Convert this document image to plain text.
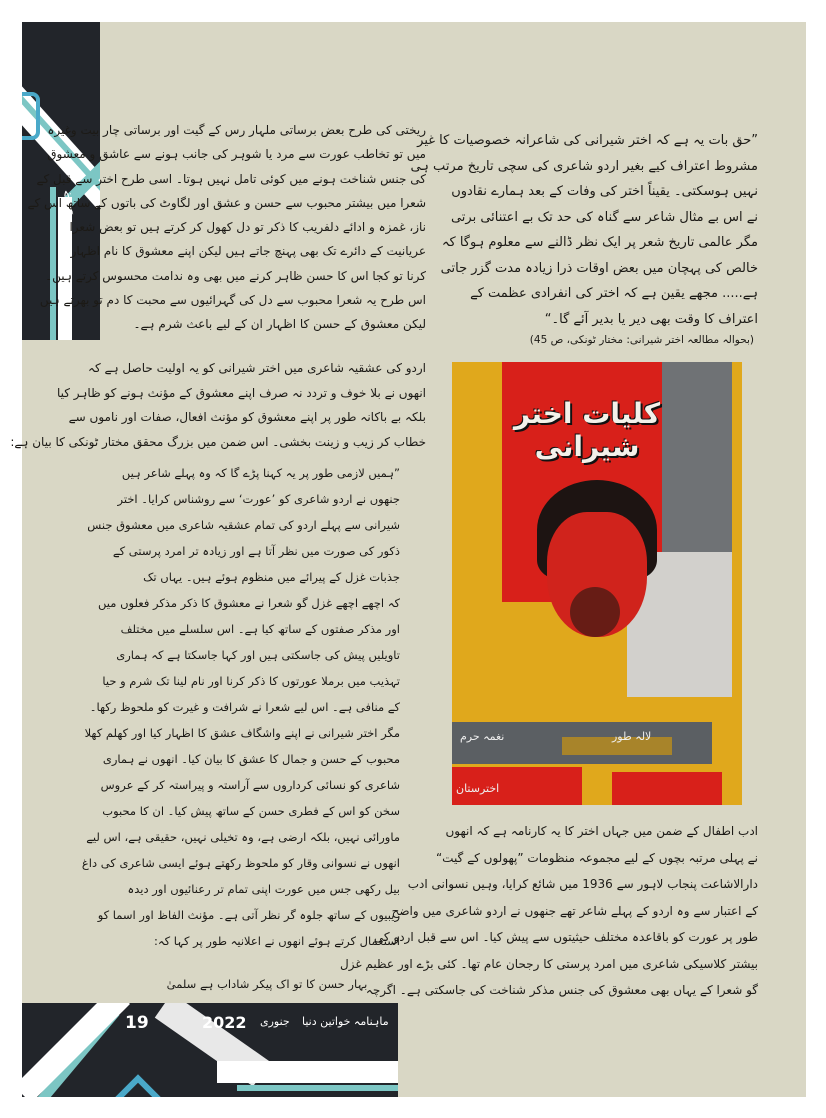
جہانِ نسواں
”حق بات یہ ہے کہ اختر شیرانی کی شاعرانہ خصوصیات کا غیر
مشروط اعتراف کیے بغیر اردو شاعری کی سچی تاریخ مرتب ہی
نہیں ہوسکتی۔ یقیناً اختر کی وفات کے بعد ہمارے نقادوں
نے اس بے مثال شاعر سے گناہ کی حد تک بے اعتنائی برتی
مگر عالمی تاریخ شعر پر ایک نظر ڈالنے سے معلوم ہوگا کہ
خالص کی پہچان میں بعض اوقات ذرا زیادہ مدت گزر جاتی
ہے..... مجھے یقین ہے کہ اختر کی انفرادی عظمت کے
اعتراف کا وقت بھی دیر یا بدیر آئے گا۔“
(بحوالہ مطالعہ اختر شیرانی: مختار ٹونکی، ص 45)
ریختی کی طرح بعض برساتی ملہار رس کے گیت اور برساتی چار بیت وغیرہ
میں تو تخاطب عورت سے مرد یا شوہر کی جانب ہونے سے عاشق و معشوق
کی جنس شناخت ہونے میں کوئی تامل نہیں ہوتا۔ اسی طرح اختر سے قبل کے
شعرا میں بیشتر محبوب سے حسن و عشق اور لگاوٹ کی باتوں کے ساتھ اس کے
ناز، غمزہ و ادائے دلفریب کا ذکر تو دل کھول کر کرتے ہیں تو بعض شعرا
عریانیت کے دائرے تک بھی پہنچ جاتے ہیں لیکن اپنے معشوق کا نام اظہار
کرنا تو کجا اس کا حسن ظاہر کرنے میں بھی وہ ندامت محسوس کرتے ہیں۔
اس طرح یہ شعرا محبوب سے دل کی گہرائیوں سے محبت کا دم تو بھرتے ہیں
لیکن معشوق کے حسن کا اظہار ان کے لیے باعث شرم ہے۔
اردو کی عشقیہ شاعری میں اختر شیرانی کو یہ اولیت حاصل ہے کہ
انھوں نے بلا خوف و تردد نہ صرف اپنے معشوق کے مؤنث ہونے کو ظاہر کیا
بلکہ بے باکانہ طور پر اپنے معشوق کو مؤنث افعال، صفات اور ناموں سے
خطاب کر زیب و زینت بخشی۔ اس ضمن میں بزرگ محقق مختار ٹونکی کا بیان ہے:
”ہمیں لازمی طور پر یہ کہنا پڑے گا کہ وہ پہلے شاعر ہیں
جنھوں نے اردو شاعری کو ’عورت‘ سے روشناس کرایا۔ اختر
شیرانی سے پہلے اردو کی تمام عشقیہ شاعری میں معشوق جنس
ذکور کی صورت میں نظر آتا ہے اور زیادہ تر امرد پرستی کے
جذبات غزل کے پیرائے میں منظوم ہوئے ہیں۔ یہاں تک
کہ اچھے اچھے غزل گو شعرا نے معشوق کا ذکر مذکر فعلوں میں
اور مذکر صفتوں کے ساتھ کیا ہے۔ اس سلسلے میں مختلف
تاویلیں پیش کی جاسکتی ہیں اور کہا جاسکتا ہے کہ ہماری
تہذیب میں برملا عورتوں کا ذکر کرنا اور نام لینا تک شرم و حیا
کے منافی ہے۔ اس لیے شعرا نے شرافت و غیرت کو ملحوظ رکھا۔
مگر اختر شیرانی نے اپنے واشگاف عشق کا اظہار کیا اور کھلم کھلا
محبوب کے حسن و جمال کا عشق کا بیان کیا۔ انھوں نے ہماری
شاعری کو نسائی کرداروں سے آراستہ و پیراستہ کر کے عروس
سخن کو اس کے فطری حسن کے ساتھ پیش کیا۔ ان کا محبوب
ماورائی نہیں، بلکہ ارضی ہے، وہ تخیلی نہیں، حقیقی ہے، اس لیے
انھوں نے نسوانی وقار کو ملحوظ رکھتے ہوئے ایسی شاعری کی داغ
بیل رکھی جس میں عورت اپنی تمام تر رعنائیوں اور دیدہ
زیبیوں کے ساتھ جلوہ گر نظر آتی ہے۔ مؤنث الفاظ اور اسما کو
استعمال کرتے ہوئے انھوں نے اعلانیہ طور پر کہا کہ:
بہار حسن کا تو اک پیکر شاداب ہے سلمیٰ
کلیات اختر شیرانی
نغمہ حرم	لالہ طور
اخترستان
ادب اطفال کے ضمن میں جہاں اختر کا یہ کارنامہ ہے کہ انھوں
نے پہلی مرتبہ بچوں کے لیے مجموعہ منظومات ”پھولوں کے گیت“
دارالاشاعت پنجاب لاہور سے 1936 میں شائع کرایا، وہیں نسوانی ادب
کے اعتبار سے وہ اردو کے پہلے شاعر تھے جنھوں نے اردو شاعری میں واضح
طور پر عورت کو باقاعدہ مختلف حیثیتوں سے پیش کیا۔ اس سے قبل اردو کی
بیشتر کلاسیکی شاعری میں امرد پرستی کا رجحان عام تھا۔ کئی بڑے اور عظیم غزل
گو شعرا کے یہاں بھی معشوق کی جنس مذکر شناخت کی جاسکتی ہے۔ اگرچہ
19	2022 جنوری ماہنامہ خواتین دنیا
